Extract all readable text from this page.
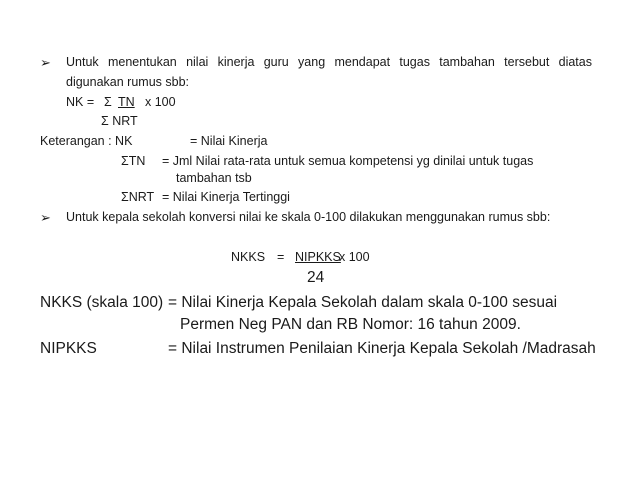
➢ Untuk menentukan nilai kinerja guru yang mendapat tugas tambahan tersebut diatas
digunakan rumus sbb:
NK = Σ TN x 100
Σ NRT
Keterangan : NK	= Nilai Kinerja
ΣTN = Jml Nilai rata-rata untuk semua kompetensi yg dinilai untuk tugas
tambahan tsb
ΣNRT = Nilai Kinerja Tertinggi
➢ Untuk kepala sekolah konversi nilai ke skala 0-100 dilakukan menggunakan rumus sbb:
NKKS = NIPKKS
x 100
24
NKKS (skala 100) = Nilai Kinerja Kepala Sekolah dalam skala 0-100 sesuai
Permen Neg PAN dan RB Nomor: 16 tahun 2009.
NIPKKS	= Nilai Instrumen Penilaian Kinerja Kepala Sekolah /Madrasah
